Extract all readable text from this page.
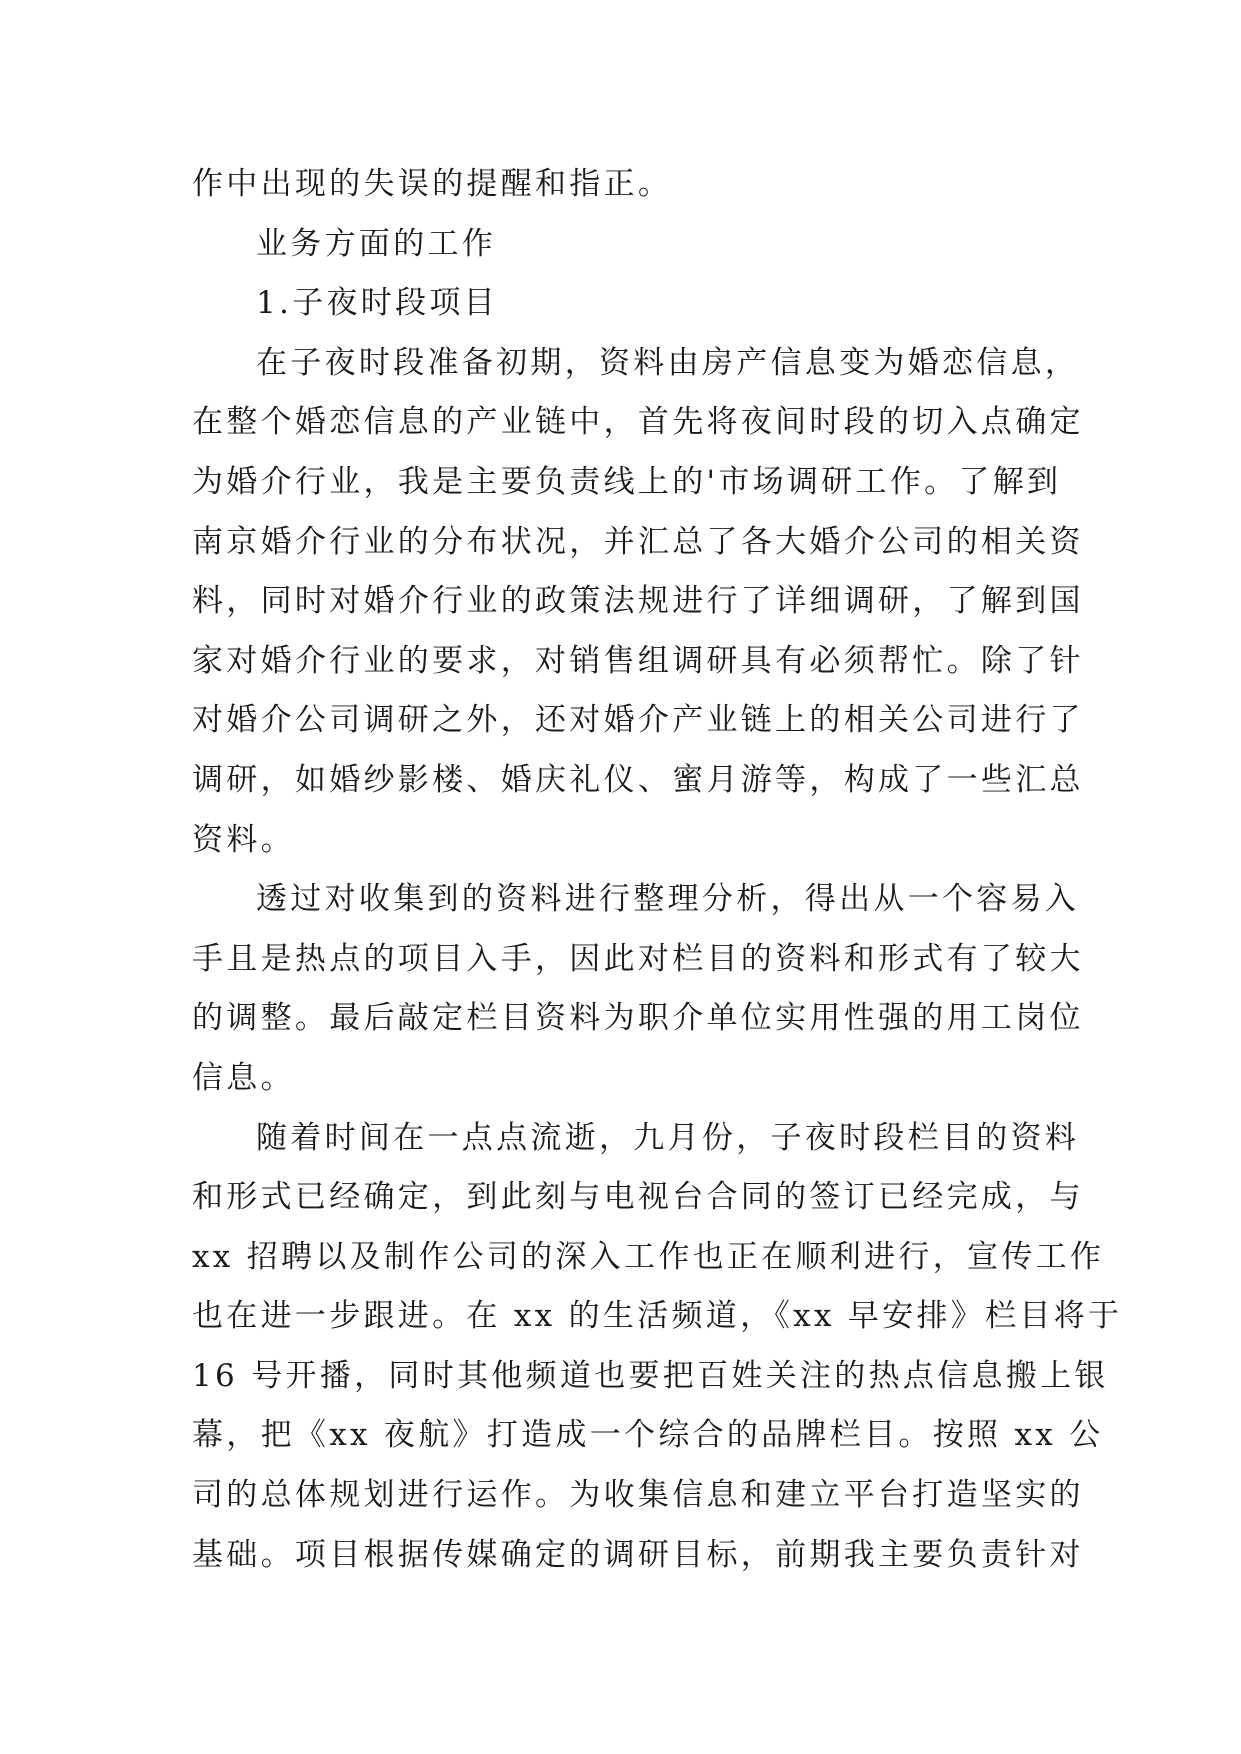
作中出现的失误的提醒和指正。
业务方面的工作
1.子夜时段项目
在子夜时段准备初期，资料由房产信息变为婚恋信息，
在整个婚恋信息的产业链中，首先将夜间时段的切入点确定
为婚介行业，我是主要负责线上的'市场调研工作。了解到
南京婚介行业的分布状况，并汇总了各大婚介公司的相关资
料，同时对婚介行业的政策法规进行了详细调研，了解到国
家对婚介行业的要求，对销售组调研具有必须帮忙。除了针
对婚介公司调研之外，还对婚介产业链上的相关公司进行了
调研，如婚纱影楼、婚庆礼仪、蜜月游等，构成了一些汇总
资料。
透过对收集到的资料进行整理分析，得出从一个容易入
手且是热点的项目入手，因此对栏目的资料和形式有了较大
的调整。最后敲定栏目资料为职介单位实用性强的用工岗位
信息。
随着时间在一点点流逝，九月份，子夜时段栏目的资料
和形式已经确定，到此刻与电视台合同的签订已经完成，与
xx 招聘以及制作公司的深入工作也正在顺利进行，宣传工作
也在进一步跟进。在 xx 的生活频道，《xx 早安排》栏目将于
16 号开播，同时其他频道也要把百姓关注的热点信息搬上银
幕，把《xx 夜航》打造成一个综合的品牌栏目。按照 xx 公
司的总体规划进行运作。为收集信息和建立平台打造坚实的
基础。项目根据传媒确定的调研目标，前期我主要负责针对
